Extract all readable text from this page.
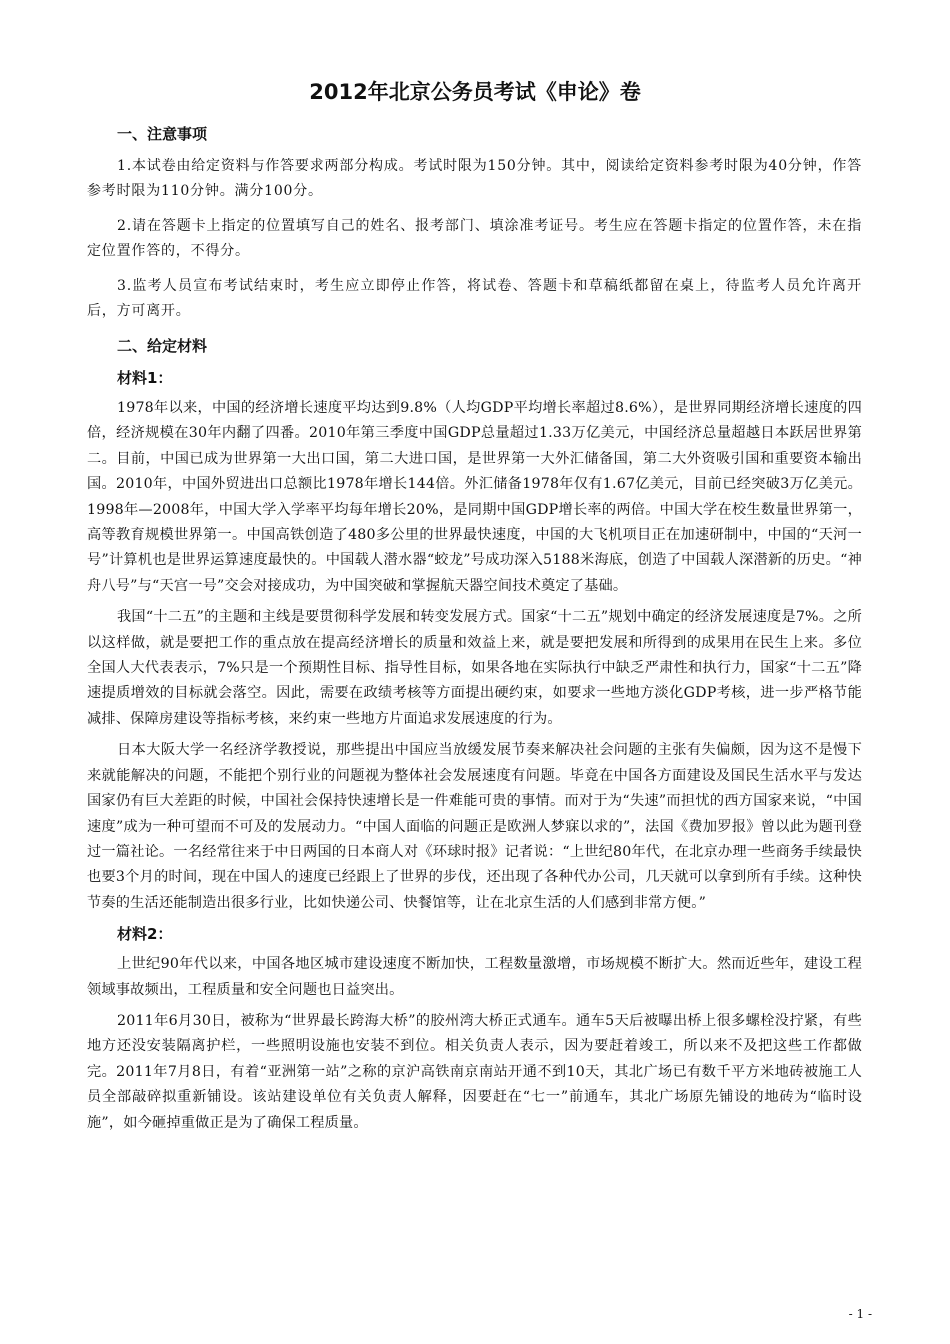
2012年北京公务员考试《申论》卷
一、注意事项

1.本试卷由给定资料与作答要求两部分构成。考试时限为150分钟。其中，阅读给定资料参考时限为40分钟，作答参考时限为110分钟。满分100分。

2.请在答题卡上指定的位置填写自己的姓名、报考部门、填涂准考证号。考生应在答题卡指定的位置作答，未在指定位置作答的，不得分。

3.监考人员宣布考试结束时，考生应立即停止作答，将试卷、答题卡和草稿纸都留在桌上，待监考人员允许离开后，方可离开。

二、给定材料
材料1：

1978年以来，中国的经济增长速度平均达到9.8%（人均GDP平均增长率超过8.6%），是世界同期经济增长速度的四倍，经济规模在30年内翻了四番。2010年第三季度中国GDP总量超过1.33万亿美元，中国经济总量超越日本跃居世界第二。目前，中国已成为世界第一大出口国，第二大进口国，是世界第一大外汇储备国，第二大外资吸引国和重要资本输出国。2010年，中国外贸进出口总额比1978年增长144倍。外汇储备1978年仅有1.67亿美元，目前已经突破3万亿美元。1998年—2008年，中国大学入学率平均每年增长20%，是同期中国GDP增长率的两倍。中国大学在校生数量世界第一，高等教育规模世界第一。中国高铁创造了480多公里的世界最快速度，中国的大飞机项目正在加速研制中，中国的“天河一号”计算机也是世界运算速度最快的。中国载人潜水器“蛟龙”号成功深入5188米海底，创造了中国载人深潜新的历史。“神舟八号”与“天宫一号”交会对接成功，为中国突破和掌握航天器空间技术奠定了基础。

我国“十二五”的主题和主线是要贯彻科学发展和转变发展方式。国家“十二五”规划中确定的经济发展速度是7%。之所以这样做，就是要把工作的重点放在提高经济增长的质量和效益上来，就是要把发展和所得到的成果用在民生上来。多位全国人大代表表示，7%只是一个预期性目标、指导性目标，如果各地在实际执行中缺乏严肃性和执行力，国家“十二五”降速提质增效的目标就会落空。因此，需要在政绩考核等方面提出硬约束，如要求一些地方淡化GDP考核，进一步严格节能减排、保障房建设等指标考核，来约束一些地方片面追求发展速度的行为。

日本大阪大学一名经济学教授说，那些提出中国应当放缓发展节奏来解决社会问题的主张有失偏颇，因为这不是慢下来就能解决的问题，不能把个别行业的问题视为整体社会发展速度有问题。毕竟在中国各方面建设及国民生活水平与发达国家仍有巨大差距的时候，中国社会保持快速增长是一件难能可贵的事情。而对于为“失速”而担忧的西方国家来说，“中国速度”成为一种可望而不可及的发展动力。“中国人面临的问题正是欧洲人梦寐以求的”，法国《费加罗报》曾以此为题刊登过一篇社论。一名经常往来于中日两国的日本商人对《环球时报》记者说：“上世纪80年代，在北京办理一些商务手续最快也要3个月的时间，现在中国人的速度已经跟上了世界的步伐，还出现了各种代办公司，几天就可以拿到所有手续。这种快节奏的生活还能制造出很多行业，比如快递公司、快餐馆等，让在北京生活的人们感到非常方便。”

材料2：

上世纪90年代以来，中国各地区城市建设速度不断加快，工程数量激增，市场规模不断扩大。然而近些年，建设工程领域事故频出，工程质量和安全问题也日益突出。

2011年6月30日，被称为“世界最长跨海大桥”的胶州湾大桥正式通车。通车5天后被曝出桥上很多螺栓没拧紧，有些地方还没安装隔离护栏，一些照明设施也安装不到位。相关负责人表示，因为要赶着竣工，所以来不及把这些工作都做完。2011年7月8日，有着“亚洲第一站”之称的京沪高铁南京南站开通不到10天，其北广场已有数千平方米地砖被施工人员全部敲碎拟重新铺设。该站建设单位有关负责人解释，因要赶在“七一”前通车，其北广场原先铺设的地砖为“临时设施”，如今砸掉重做正是为了确保工程质量。

- 1 -
